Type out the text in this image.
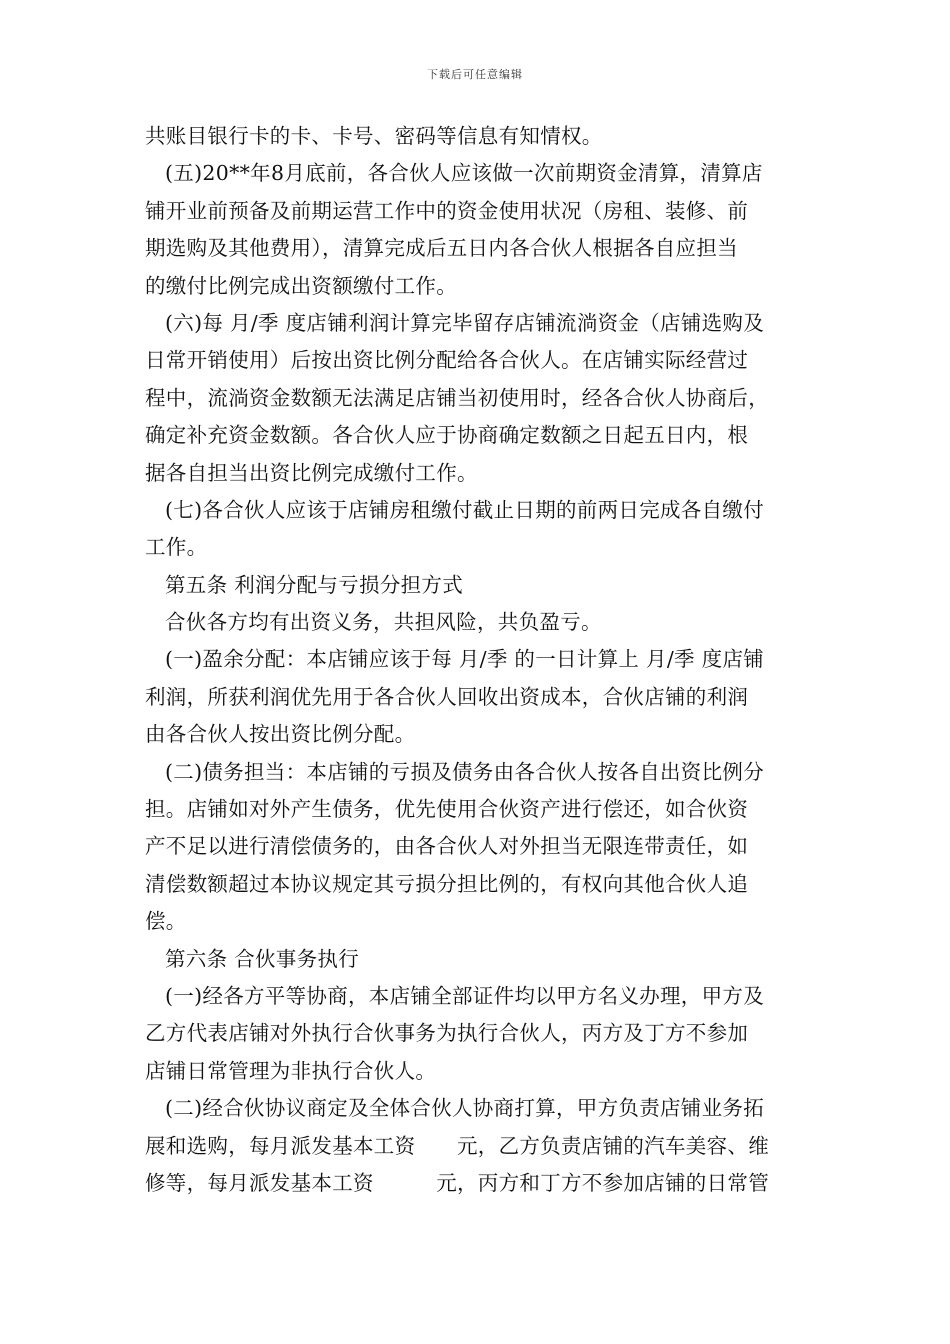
下载后可任意编辑
共账目银行卡的卡、卡号、密码等信息有知情权。
(五)20**年8月底前，各合伙人应该做一次前期资金清算，清算店
铺开业前预备及前期运营工作中的资金使用状况（房租、装修、前
期选购及其他费用），清算完成后五日内各合伙人根据各自应担当
的缴付比例完成出资额缴付工作。
(六)每 月/季 度店铺利润计算完毕留存店铺流淌资金（店铺选购及
日常开销使用）后按出资比例分配给各合伙人。在店铺实际经营过
程中，流淌资金数额无法满足店铺当初使用时，经各合伙人协商后，
确定补充资金数额。各合伙人应于协商确定数额之日起五日内，根
据各自担当出资比例完成缴付工作。
(七)各合伙人应该于店铺房租缴付截止日期的前两日完成各自缴付
工作。
第五条 利润分配与亏损分担方式
合伙各方均有出资义务，共担风险，共负盈亏。
(一)盈余分配：本店铺应该于每 月/季 的一日计算上 月/季 度店铺
利润，所获利润优先用于各合伙人回收出资成本，合伙店铺的利润
由各合伙人按出资比例分配。
(二)债务担当：本店铺的亏损及债务由各合伙人按各自出资比例分
担。店铺如对外产生债务，优先使用合伙资产进行偿还，如合伙资
产不足以进行清偿债务的，由各合伙人对外担当无限连带责任，如
清偿数额超过本协议规定其亏损分担比例的，有权向其他合伙人追
偿。
第六条 合伙事务执行
(一)经各方平等协商，本店铺全部证件均以甲方名义办理，甲方及
乙方代表店铺对外执行合伙事务为执行合伙人，丙方及丁方不参加
店铺日常管理为非执行合伙人。
(二)经合伙协议商定及全体合伙人协商打算，甲方负责店铺业务拓
展和选购，每月派发基本工资　　元，乙方负责店铺的汽车美容、维
修等，每月派发基本工资　　　元，丙方和丁方不参加店铺的日常管
